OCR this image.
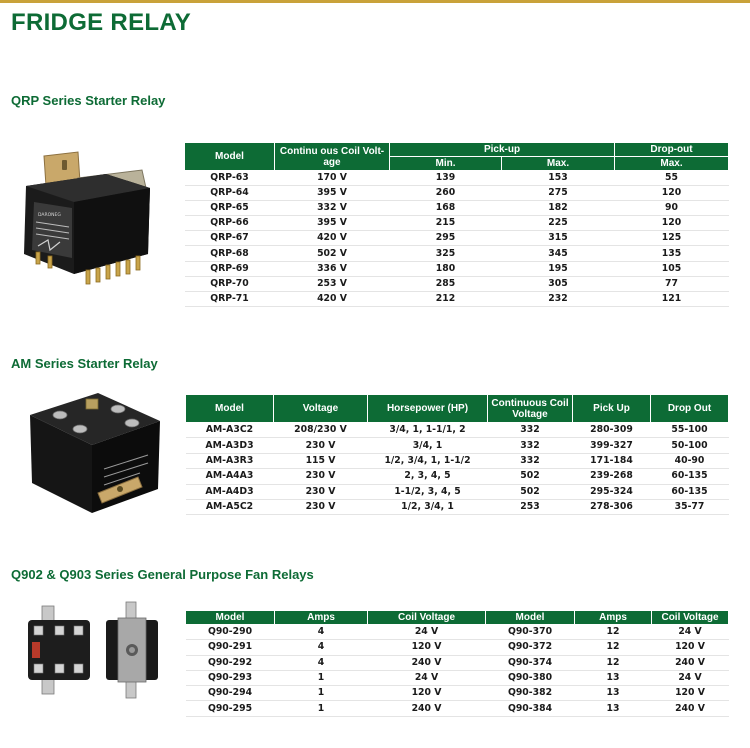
FRIDGE RELAY
QRP Series Starter Relay
DARONEG
Model	Continu ous Coil Volt-age	Pick-up		Drop-out
		Min.	Max.	Max.
QRP-63	170 V	139	153	55
QRP-64	395 V	260	275	120
QRP-65	332 V	168	182	90
QRP-66	395 V	215	225	120
QRP-67	420 V	295	315	125
QRP-68	502 V	325	345	135
QRP-69	336 V	180	195	105
QRP-70	253 V	285	305	77
QRP-71	420 V	212	232	121
AM Series Starter Relay
Model	Voltage	Horsepower (HP)	Continuous Coil Voltage	Pick Up	Drop Out
AM-A3C2	208/230 V	3/4, 1, 1-1/1, 2	332	280-309	55-100
AM-A3D3	230 V	3/4, 1	332	399-327	50-100
AM-A3R3	115 V	1/2, 3/4, 1, 1-1/2	332	171-184	40-90
AM-A4A3	230 V	2, 3, 4, 5	502	239-268	60-135
AM-A4D3	230 V	1-1/2, 3, 4, 5	502	295-324	60-135
AM-A5C2	230 V	1/2, 3/4, 1	253	278-306	35-77
Q902 & Q903 Series General Purpose Fan Relays
Model	Amps	Coil Voltage	Model	Amps	Coil Voltage
Q90-290	4	24 V	Q90-370	12	24 V
Q90-291	4	120 V	Q90-372	12	120 V
Q90-292	4	240 V	Q90-374	12	240 V
Q90-293	1	24 V	Q90-380	13	24 V
Q90-294	1	120 V	Q90-382	13	120 V
Q90-295	1	240 V	Q90-384	13	240 V
